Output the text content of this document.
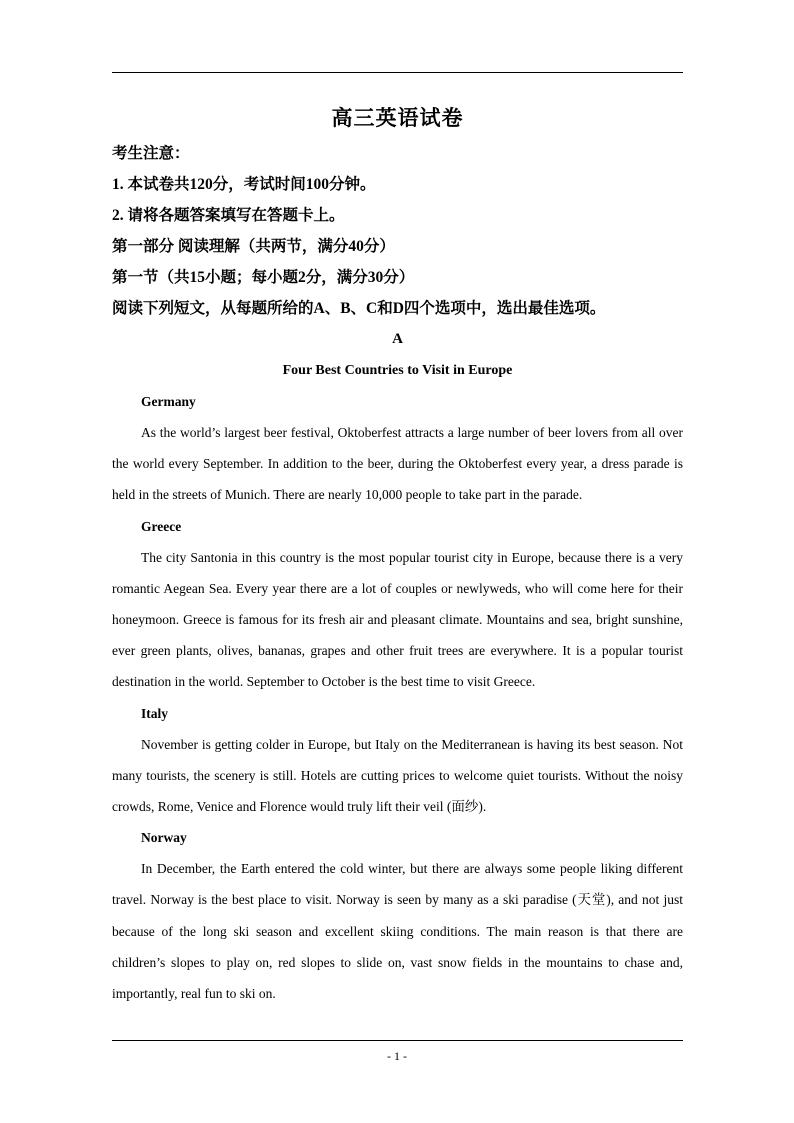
高三英语试卷
考生注意：
1. 本试卷共120分，考试时间100分钟。
2. 请将各题答案填写在答题卡上。
第一部分 阅读理解（共两节，满分40分）
第一节（共15小题；每小题2分，满分30分）
阅读下列短文，从每题所给的A、B、C和D四个选项中，选出最佳选项。
A
Four Best Countries to Visit in Europe
Germany

As the world’s largest beer festival, Oktoberfest attracts a large number of beer lovers from all over the world every September. In addition to the beer, during the Oktoberfest every year, a dress parade is held in the streets of Munich. There are nearly 10,000 people to take part in the parade.

Greece

The city Santonia in this country is the most popular tourist city in Europe, because there is a very romantic Aegean Sea. Every year there are a lot of couples or newlyweds, who will come here for their honeymoon. Greece is famous for its fresh air and pleasant climate. Mountains and sea, bright sunshine, ever green plants, olives, bananas, grapes and other fruit trees are everywhere. It is a popular tourist destination in the world. September to October is the best time to visit Greece.

Italy

November is getting colder in Europe, but Italy on the Mediterranean is having its best season. Not many tourists, the scenery is still. Hotels are cutting prices to welcome quiet tourists. Without the noisy crowds, Rome, Venice and Florence would truly lift their veil (面纱).

Norway

In December, the Earth entered the cold winter, but there are always some people liking different travel. Norway is the best place to visit. Norway is seen by many as a ski paradise (天堂), and not just because of the long ski season and excellent skiing conditions. The main reason is that there are children’s slopes to play on, red slopes to slide on, vast snow fields in the mountains to chase and, importantly, real fun to ski on.

- 1 -
